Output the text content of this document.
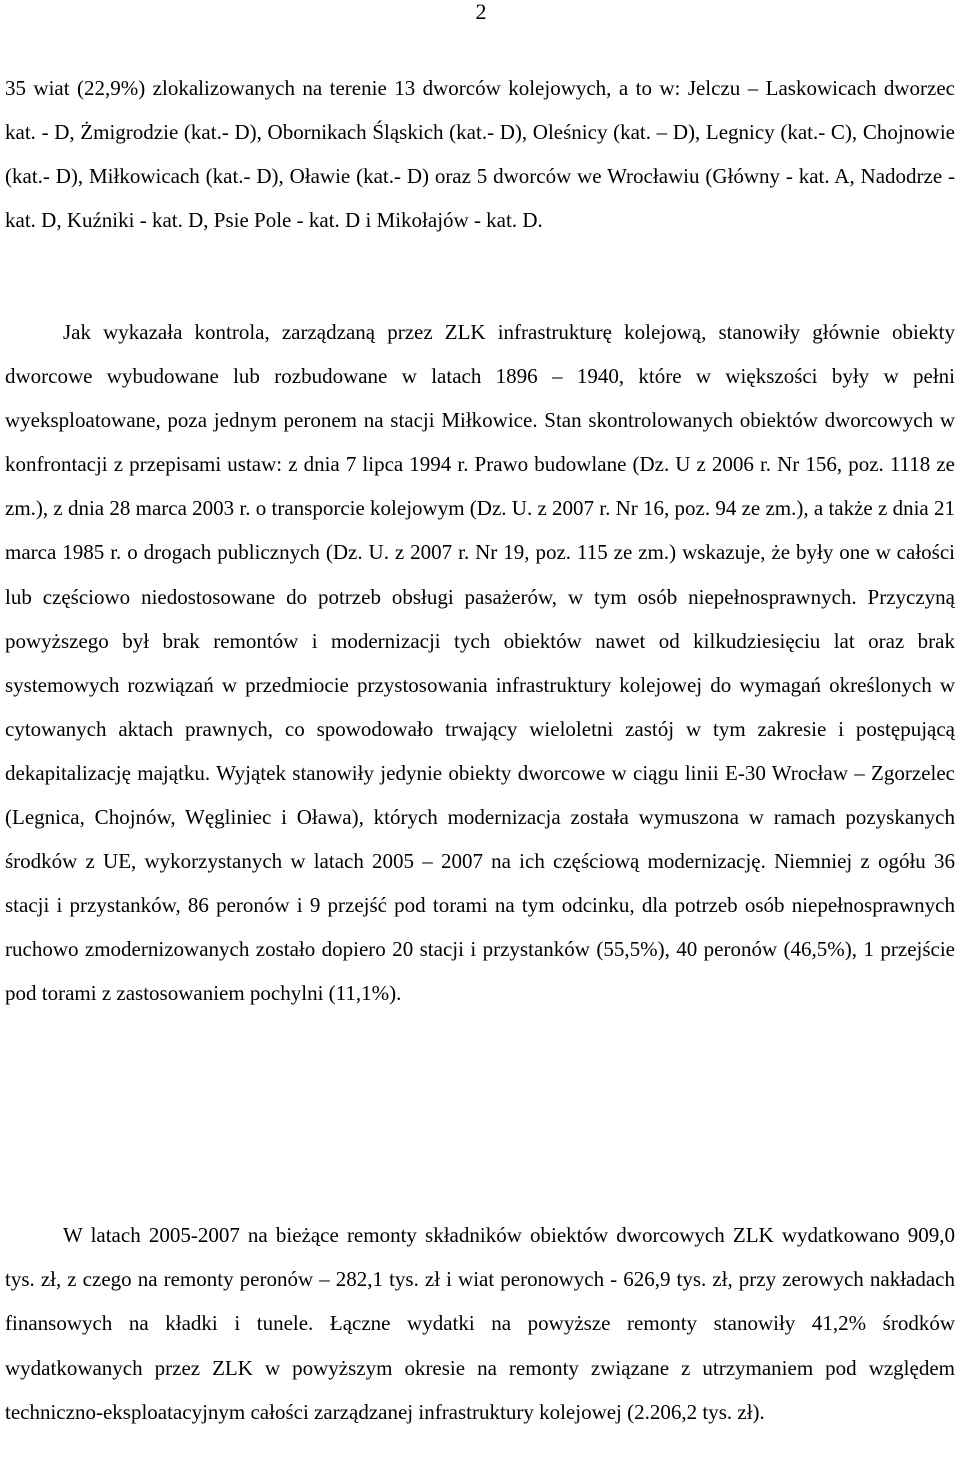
2

35 wiat (22,9%) zlokalizowanych na terenie 13 dworców kolejowych, a to w: Jelczu – Laskowicach dworzec kat. - D, Żmigrodzie (kat.- D), Obornikach Śląskich (kat.- D), Oleśnicy (kat. – D), Legnicy (kat.- C), Chojnowie (kat.- D), Miłkowicach (kat.- D), Oławie (kat.- D) oraz 5 dworców we Wrocławiu (Główny - kat. A, Nadodrze - kat. D, Kuźniki - kat. D, Psie Pole - kat. D i Mikołajów - kat. D.

Jak wykazała kontrola, zarządzaną przez ZLK infrastrukturę kolejową, stanowiły głównie obiekty dworcowe wybudowane lub rozbudowane w latach 1896 – 1940, które w większości były w pełni wyeksploatowane, poza jednym peronem na stacji Miłkowice. Stan skontrolowanych obiektów dworcowych w konfrontacji z przepisami ustaw: z dnia 7 lipca 1994 r. Prawo budowlane (Dz. U z 2006 r. Nr 156, poz. 1118 ze zm.), z dnia 28 marca 2003 r. o transporcie kolejowym (Dz. U. z 2007 r. Nr 16, poz. 94 ze zm.), a także z dnia 21 marca 1985 r. o drogach publicznych (Dz. U. z 2007 r. Nr 19, poz. 115 ze zm.) wskazuje, że były one w całości lub częściowo niedostosowane do potrzeb obsługi pasażerów, w tym osób niepełnosprawnych. Przyczyną powyższego był brak remontów i modernizacji tych obiektów nawet od kilkudziesięciu lat oraz brak systemowych rozwiązań w przedmiocie przystosowania infrastruktury kolejowej do wymagań określonych w cytowanych aktach prawnych, co spowodowało trwający wieloletni zastój w tym zakresie i postępującą dekapitalizację majątku. Wyjątek stanowiły jedynie obiekty dworcowe w ciągu linii E-30 Wrocław – Zgorzelec (Legnica, Chojnów, Węgliniec i Oława), których modernizacja została wymuszona w ramach pozyskanych środków z UE, wykorzystanych w latach 2005 – 2007 na ich częściową modernizację. Niemniej z ogółu 36 stacji i przystanków, 86 peronów i 9 przejść pod torami na tym odcinku, dla potrzeb osób niepełnosprawnych ruchowo zmodernizowanych zostało dopiero 20 stacji i przystanków (55,5%), 40 peronów (46,5%), 1 przejście pod torami z zastosowaniem pochylni (11,1%).

W latach 2005-2007 na bieżące remonty składników obiektów dworcowych ZLK wydatkowano 909,0 tys. zł, z czego na remonty peronów – 282,1 tys. zł i wiat peronowych - 626,9 tys. zł, przy zerowych nakładach finansowych na kładki i tunele. Łączne wydatki na powyższe remonty stanowiły 41,2% środków wydatkowanych przez ZLK w powyższym okresie na remonty związane z utrzymaniem pod względem techniczno-eksploatacyjnym całości zarządzanej infrastruktury kolejowej (2.206,2 tys. zł).
